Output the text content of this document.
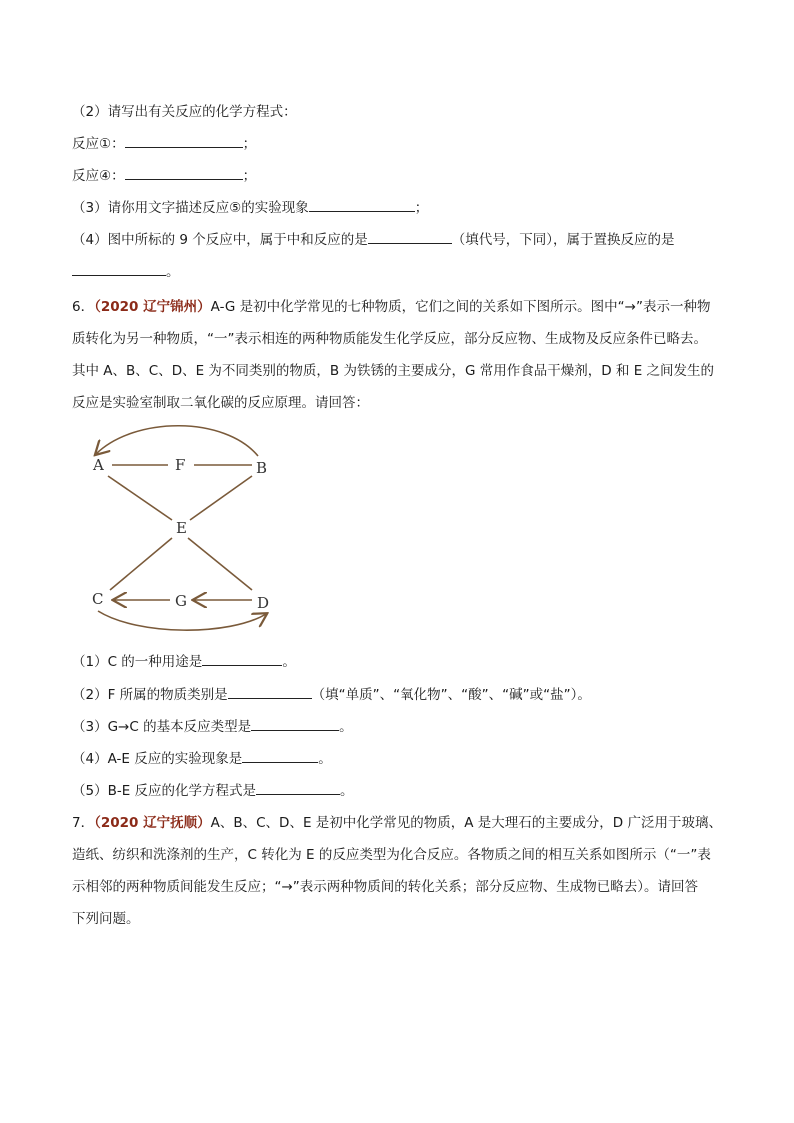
（2）请写出有关反应的化学方程式：
反应①：	；
反应④：	；
（3）请你用文字描述反应⑤的实验现象	；
（4）图中所标的 9 个反应中，属于中和反应的是	（填代号，下同），属于置换反应的是
。
6．（2020 辽宁锦州）A-G 是初中化学常见的七种物质，它们之间的关系如下图所示。图中“→”表示一种物
质转化为另一种物质，“一”表示相连的两种物质能发生化学反应，部分反应物、生成物及反应条件已略去。
其中 A、B、C、D、E 为不同类别的物质，B 为铁锈的主要成分，G 常用作食品干燥剂，D 和 E 之间发生的
反应是实验室制取二氧化碳的反应原理。请回答：
A	F	B
E
C	G	D
（1）C 的一种用途是	。
（2）F 所属的物质类别是	（填“单质”、“氧化物”、“酸”、“碱”或“盐”）。
（3）G→C 的基本反应类型是	。
（4）A-E 反应的实验现象是	。
（5）B-E 反应的化学方程式是	。
7．（2020 辽宁抚顺）A、B、C、D、E 是初中化学常见的物质，A 是大理石的主要成分，D 广泛用于玻璃、
造纸、纺织和洗涤剂的生产，C 转化为 E 的反应类型为化合反应。各物质之间的相互关系如图所示（“一”表
示相邻的两种物质间能发生反应；“→”表示两种物质间的转化关系；部分反应物、生成物已略去）。请回答
下列问题。
